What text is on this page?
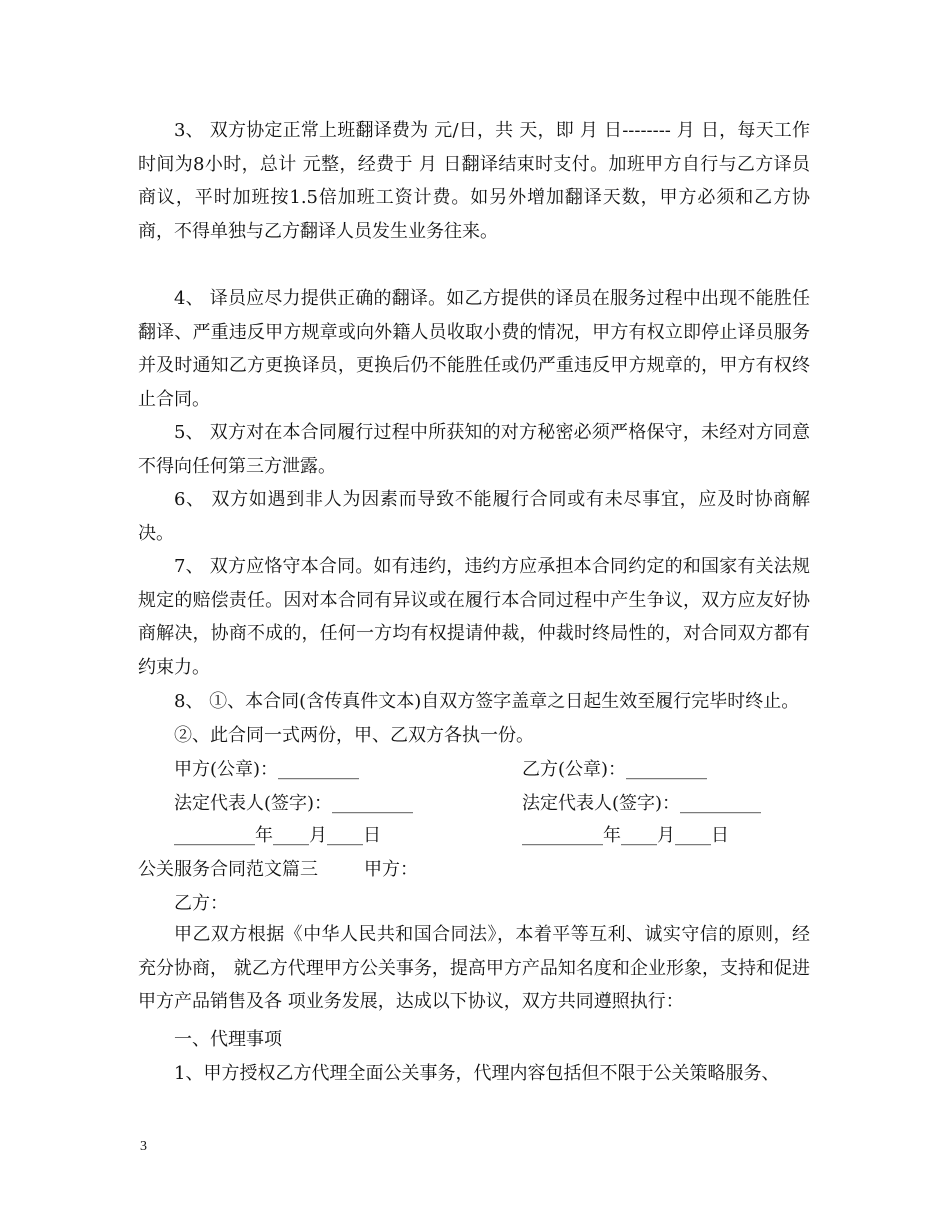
3、 双方协定正常上班翻译费为 元/日，共 天，即 月 日-------- 月 日，每天工作时间为8小时，总计 元整，经费于 月 日翻译结束时支付。加班甲方自行与乙方译员商议，平时加班按1.5倍加班工资计费。如另外增加翻译天数，甲方必须和乙方协商，不得单独与乙方翻译人员发生业务往来。

4、 译员应尽力提供正确的翻译。如乙方提供的译员在服务过程中出现不能胜任翻译、严重违反甲方规章或向外籍人员收取小费的情况，甲方有权立即停止译员服务并及时通知乙方更换译员，更换后仍不能胜任或仍严重违反甲方规章的，甲方有权终止合同。

5、 双方对在本合同履行过程中所获知的对方秘密必须严格保守，未经对方同意不得向任何第三方泄露。

6、 双方如遇到非人为因素而导致不能履行合同或有未尽事宜，应及时协商解决。

7、 双方应恪守本合同。如有违约，违约方应承担本合同约定的和国家有关法规规定的赔偿责任。因对本合同有异议或在履行本合同过程中产生争议，双方应友好协商解决，协商不成的，任何一方均有权提请仲裁，仲裁时终局性的，对合同双方都有约束力。

8、 ①、本合同(含传真件文本)自双方签字盖章之日起生效至履行完毕时终止。

②、此合同一式两份，甲、乙双方各执一份。

甲方(公章)：_________	乙方(公章)：_________

法定代表人(签字)：_________	法定代表人(签字)：_________

_________年____月____日	_________年____月____日

公关服务合同范文篇三	甲方：

乙方：

甲乙双方根据《中华人民共和国合同法》，本着平等互利、诚实守信的原则，经充分协商， 就乙方代理甲方公关事务，提高甲方产品知名度和企业形象，支持和促进甲方产品销售及各 项业务发展，达成以下协议，双方共同遵照执行：

一、代理事项

1、甲方授权乙方代理全面公关事务，代理内容包括但不限于公关策略服务、

3
